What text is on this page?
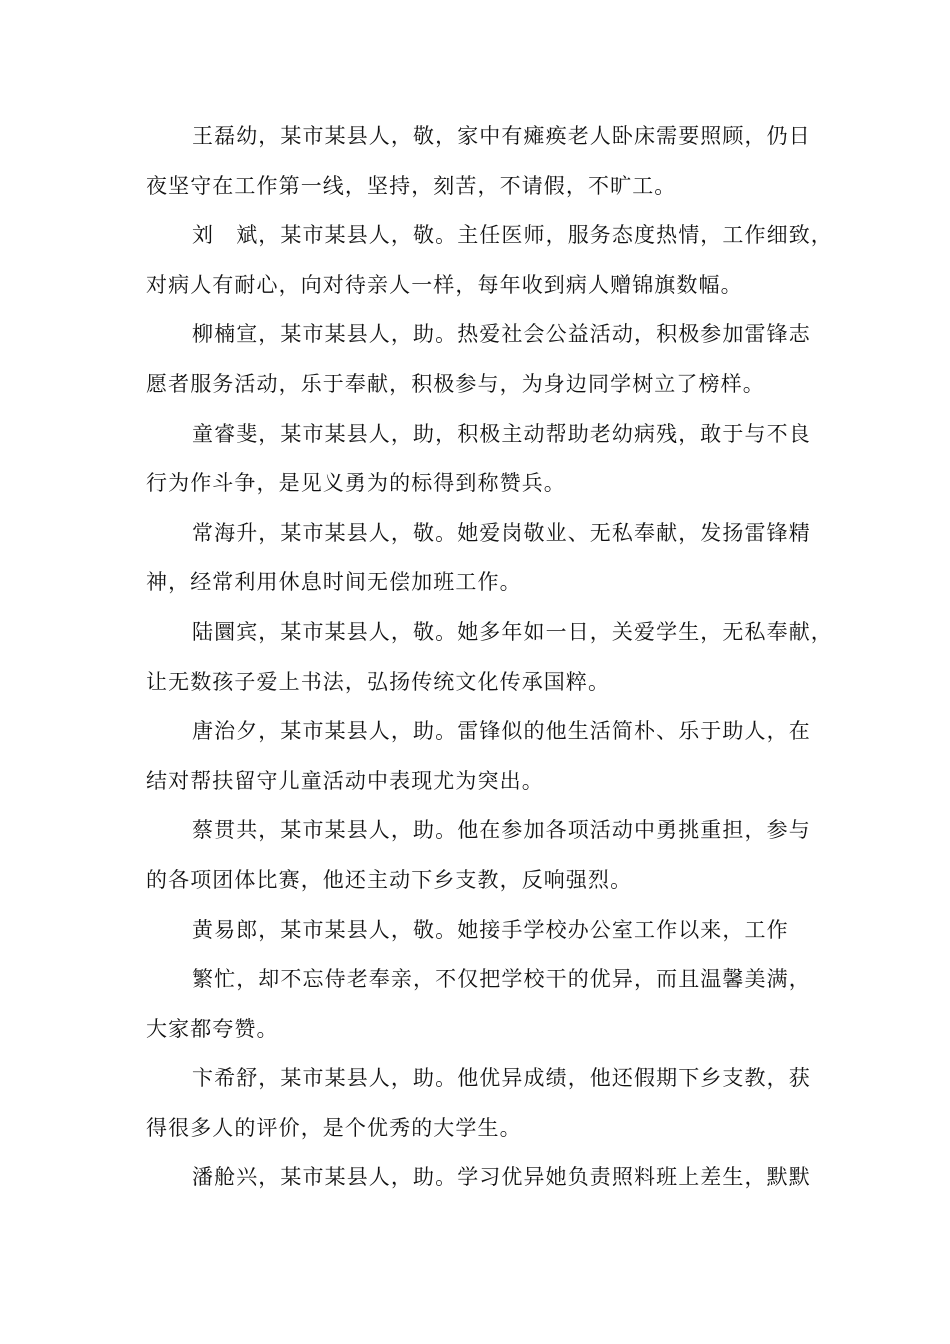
王磊幼，某市某县人，敬，家中有瘫痪老人卧床需要照顾，仍日
夜坚守在工作第一线，坚持，刻苦，不请假，不旷工。
刘　斌，某市某县人，敬。主任医师，服务态度热情，工作细致，
对病人有耐心，向对待亲人一样，每年收到病人赠锦旗数幅。
柳楠宣，某市某县人，助。热爱社会公益活动，积极参加雷锋志
愿者服务活动，乐于奉献，积极参与，为身边同学树立了榜样。
童睿斐，某市某县人，助，积极主动帮助老幼病残，敢于与不良
行为作斗争，是见义勇为的标得到称赞兵。
常海升，某市某县人，敬。她爱岗敬业、无私奉献，发扬雷锋精
神，经常利用休息时间无偿加班工作。
陆圜宾，某市某县人，敬。她多年如一日，关爱学生，无私奉献，
让无数孩子爱上书法，弘扬传统文化传承国粹。
唐治夕，某市某县人，助。雷锋似的他生活简朴、乐于助人，在
结对帮扶留守儿童活动中表现尤为突出。
蔡贯共，某市某县人，助。他在参加各项活动中勇挑重担，参与
的各项团体比赛，他还主动下乡支教，反响强烈。
黄易郎，某市某县人，敬。她接手学校办公室工作以来，工作
繁忙，却不忘侍老奉亲，不仅把学校干的优异，而且温馨美满，
大家都夸赞。
卞希舒，某市某县人，助。他优异成绩，他还假期下乡支教，获
得很多人的评价，是个优秀的大学生。
潘舱兴，某市某县人，助。学习优异她负责照料班上差生，默默
